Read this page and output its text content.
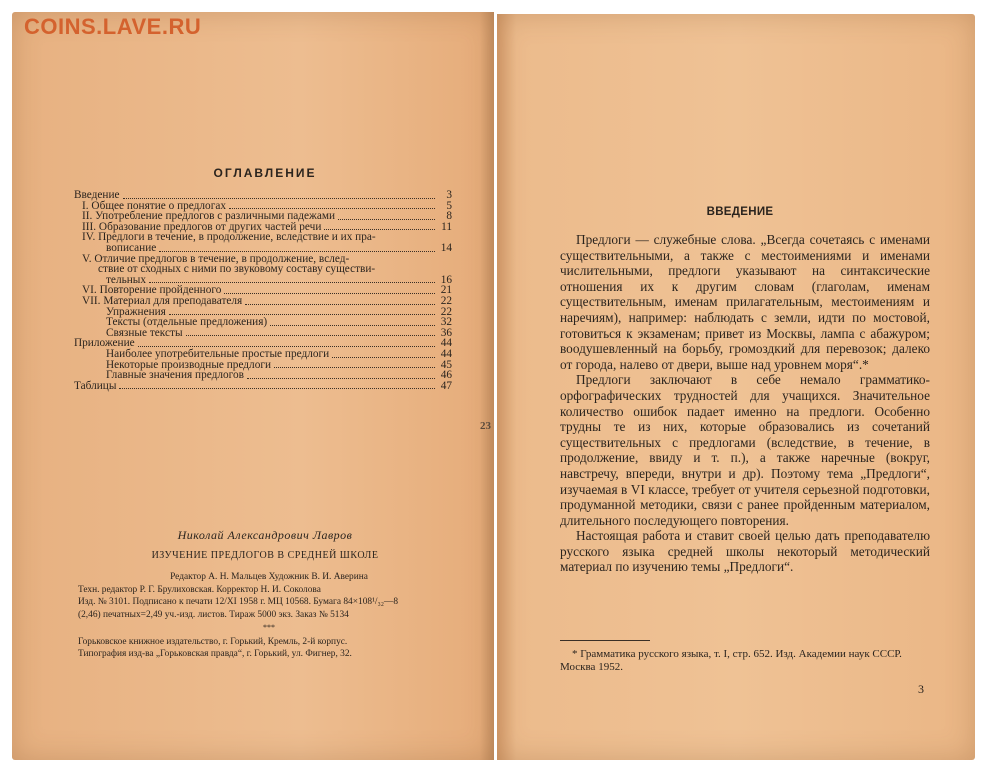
COINS.LAVE.RU
23
ОГЛАВЛЕНИЕ
Введение	3
I. Общее понятие о предлогах	5
II. Употребление предлогов с различными падежами	8
III. Образование предлогов от других частей речи	11
IV. Предлоги в течение, в продолжение, вследствие и их пра-
вописание	14
V. Отличие предлогов в течение, в продолжение, вслед-
ствие от сходных с ними по звуковому составу существи-
тельных	16
VI. Повторение пройденного	21
VII. Материал для преподавателя	22
Упражнения	22
Тексты (отдельные предложения)	32
Связные тексты	36
Приложение	44
Наиболее употребительные простые предлоги	44
Некоторые производные предлоги	45
Главные значения предлогов	46
Таблицы	47
Николай Александрович Лавров
ИЗУЧЕНИЕ ПРЕДЛОГОВ В СРЕДНЕЙ ШКОЛЕ
Редактор А. Н. Мальцев Художник В. И. Аверина
Техн. редактор Р. Г. Брулиховская. Корректор Н. И. Соколова
Изд. № 3101. Подписано к печати 12/XI 1958 г. МЦ 10568. Бумага 84×108¹/₃₂—8
(2,46) печатных=2,49 уч.-изд. листов. Тираж 5000 экз. Заказ № 5134
***
Горьковское книжное издательство, г. Горький, Кремль, 2-й корпус.
Типография изд-ва „Горьковская правда“, г. Горький, ул. Фигнер, 32.
ВВЕДЕНИЕ

Предлоги — служебные слова. „Всегда сочетаясь с именами существительными, а также с местоимениями и именами числительными, предлоги указывают на синтаксические отношения их к другим словам (глаголам, именам существительным, именам прилагательным, местоимениям и наречиям), например: наблюдать с земли, идти по мостовой, готовиться к экзаменам; привет из Москвы, лампа с абажуром; воодушевленный на борьбу, громоздкий для перевозок; далеко от города, налево от двери, выше над уровнем моря“.*

Предлоги заключают в себе немало грамматико-орфографических трудностей для учащихся. Значительное количество ошибок падает именно на предлоги. Особенно трудны те из них, которые образовались из сочетаний существительных с предлогами (вследствие, в течение, в продолжение, ввиду и т. п.), а также наречные (вокруг, навстречу, впереди, внутри и др). Поэтому тема „Предлоги“, изучаемая в VI классе, требует от учителя серьезной подготовки, продуманной методики, связи с ранее пройденным материалом, длительного последующего повторения.

Настоящая работа и ставит своей целью дать преподавателю русского языка средней школы некоторый методический материал по изучению темы „Предлоги“.

* Грамматика русского языка, т. I, стр. 652. Изд. Академии наук СССР. Москва 1952.
3
